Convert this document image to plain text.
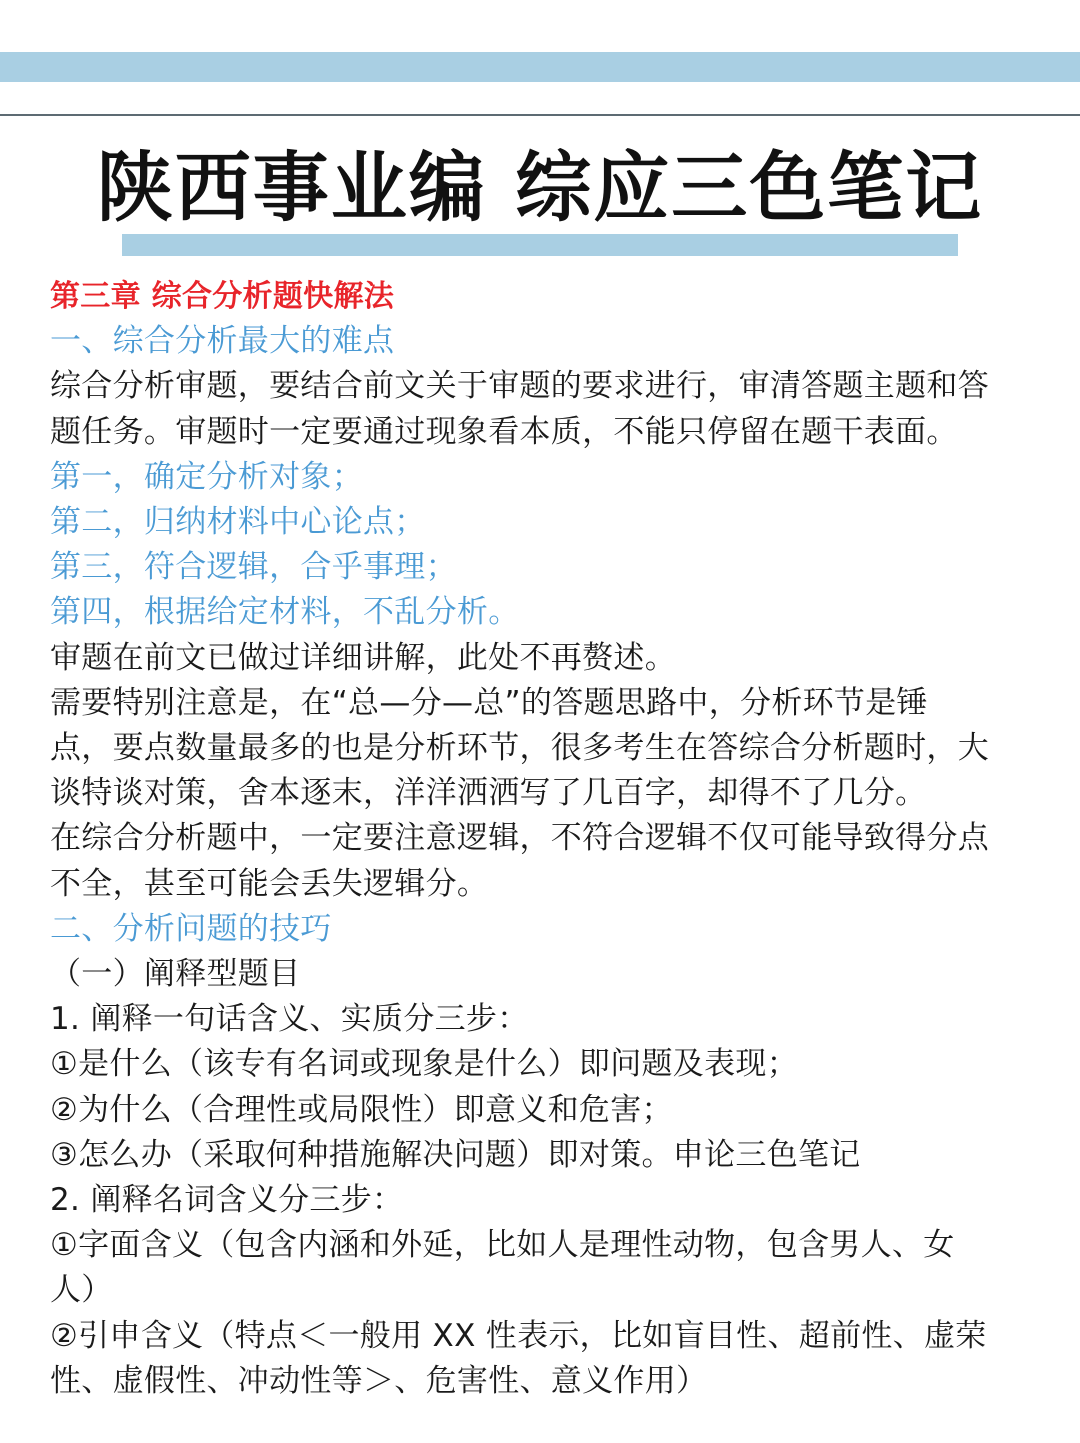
陕西事业编 综应三色笔记
第三章 综合分析题快解法
一、综合分析最大的难点
综合分析审题，要结合前文关于审题的要求进行，审清答题主题和答
题任务。审题时一定要通过现象看本质，不能只停留在题干表面。
第一，确定分析对象；
第二，归纳材料中心论点；
第三，符合逻辑，合乎事理；
第四，根据给定材料，不乱分析。
审题在前文已做过详细讲解，此处不再赘述。
需要特别注意是，在“总—分—总”的答题思路中，分析环节是锤
点，要点数量最多的也是分析环节，很多考生在答综合分析题时，大
谈特谈对策，舍本逐末，洋洋洒洒写了几百字，却得不了几分。
在综合分析题中，一定要注意逻辑，不符合逻辑不仅可能导致得分点
不全，甚至可能会丢失逻辑分。
二、分析问题的技巧
（一）阐释型题目
1. 阐释一句话含义、实质分三步：
①是什么（该专有名词或现象是什么）即问题及表现；
②为什么（合理性或局限性）即意义和危害；
③怎么办（采取何种措施解决问题）即对策。申论三色笔记
2. 阐释名词含义分三步：
①字面含义（包含内涵和外延，比如人是理性动物，包含男人、女
人）
②引申含义（特点＜一般用 XX 性表示，比如盲目性、超前性、虚荣
性、虚假性、冲动性等＞、危害性、意义作用）
